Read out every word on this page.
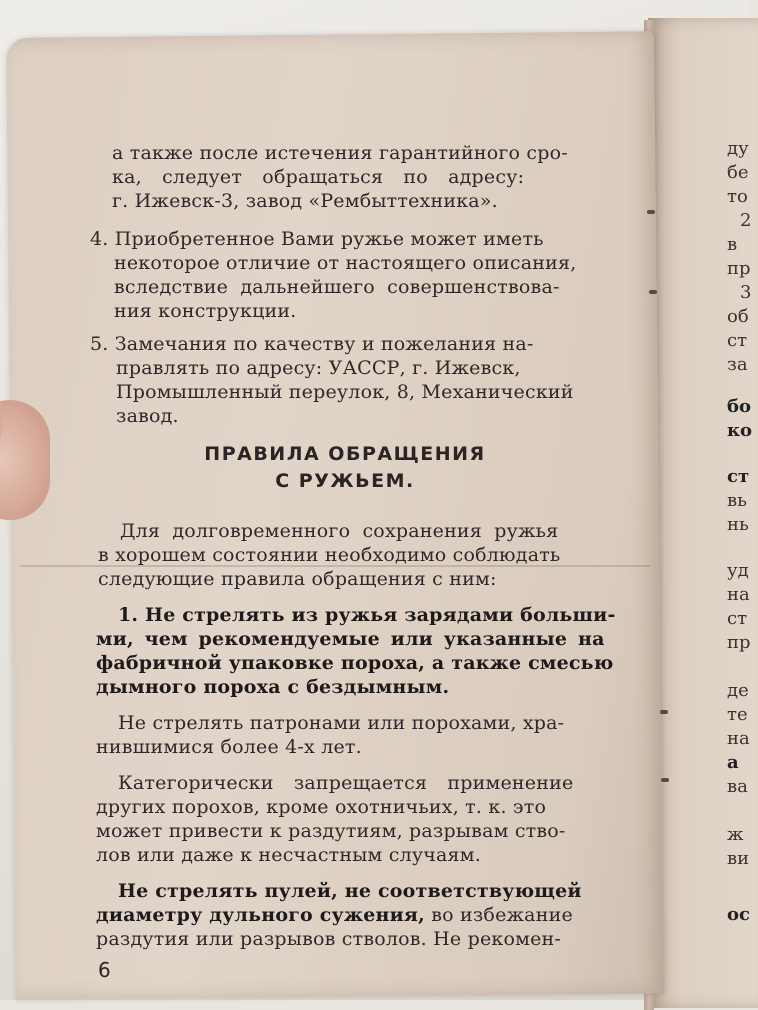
а также после истечения гарантийного сро-
ка, следует обращаться по адресу:
г. Ижевск-3, завод «Рембыттехника».
4. Приобретенное Вами ружье может иметь
некоторое отличие от настоящего описания,
вследствие дальнейшего совершенствова-
ния конструкции.
5. Замечания по качеству и пожелания на-
правлять по адресу: УАССР, г. Ижевск,
Промышленный переулок, 8, Механический
завод.
ПРАВИЛА ОБРАЩЕНИЯ
С РУЖЬЕМ.
Для долговременного сохранения ружья
в хорошем состоянии необходимо соблюдать
следующие правила обращения с ним:
1. Не стрелять из ружья зарядами больши-
ми, чем рекомендуемые или указанные на
фабричной упаковке пороха, а также смесью
дымного пороха с бездымным.
Не стрелять патронами или порохами, хра-
нившимися более 4-х лет.
Категорически запрещается применение
других порохов, кроме охотничьих, т. к. это
может привести к раздутиям, разрывам ство-
лов или даже к несчастным случаям.
Не стрелять пулей, не соответствующей
диаметру дульного сужения, во избежание
раздутия или разрывов стволов. Не рекомен-
6
ду
бе
то
2
в
пр
3
об
ст
за
бо
ко
ст
вь
нь
уд
на
ст
пр
де
те
на
а
ва
ж
ви
ос
